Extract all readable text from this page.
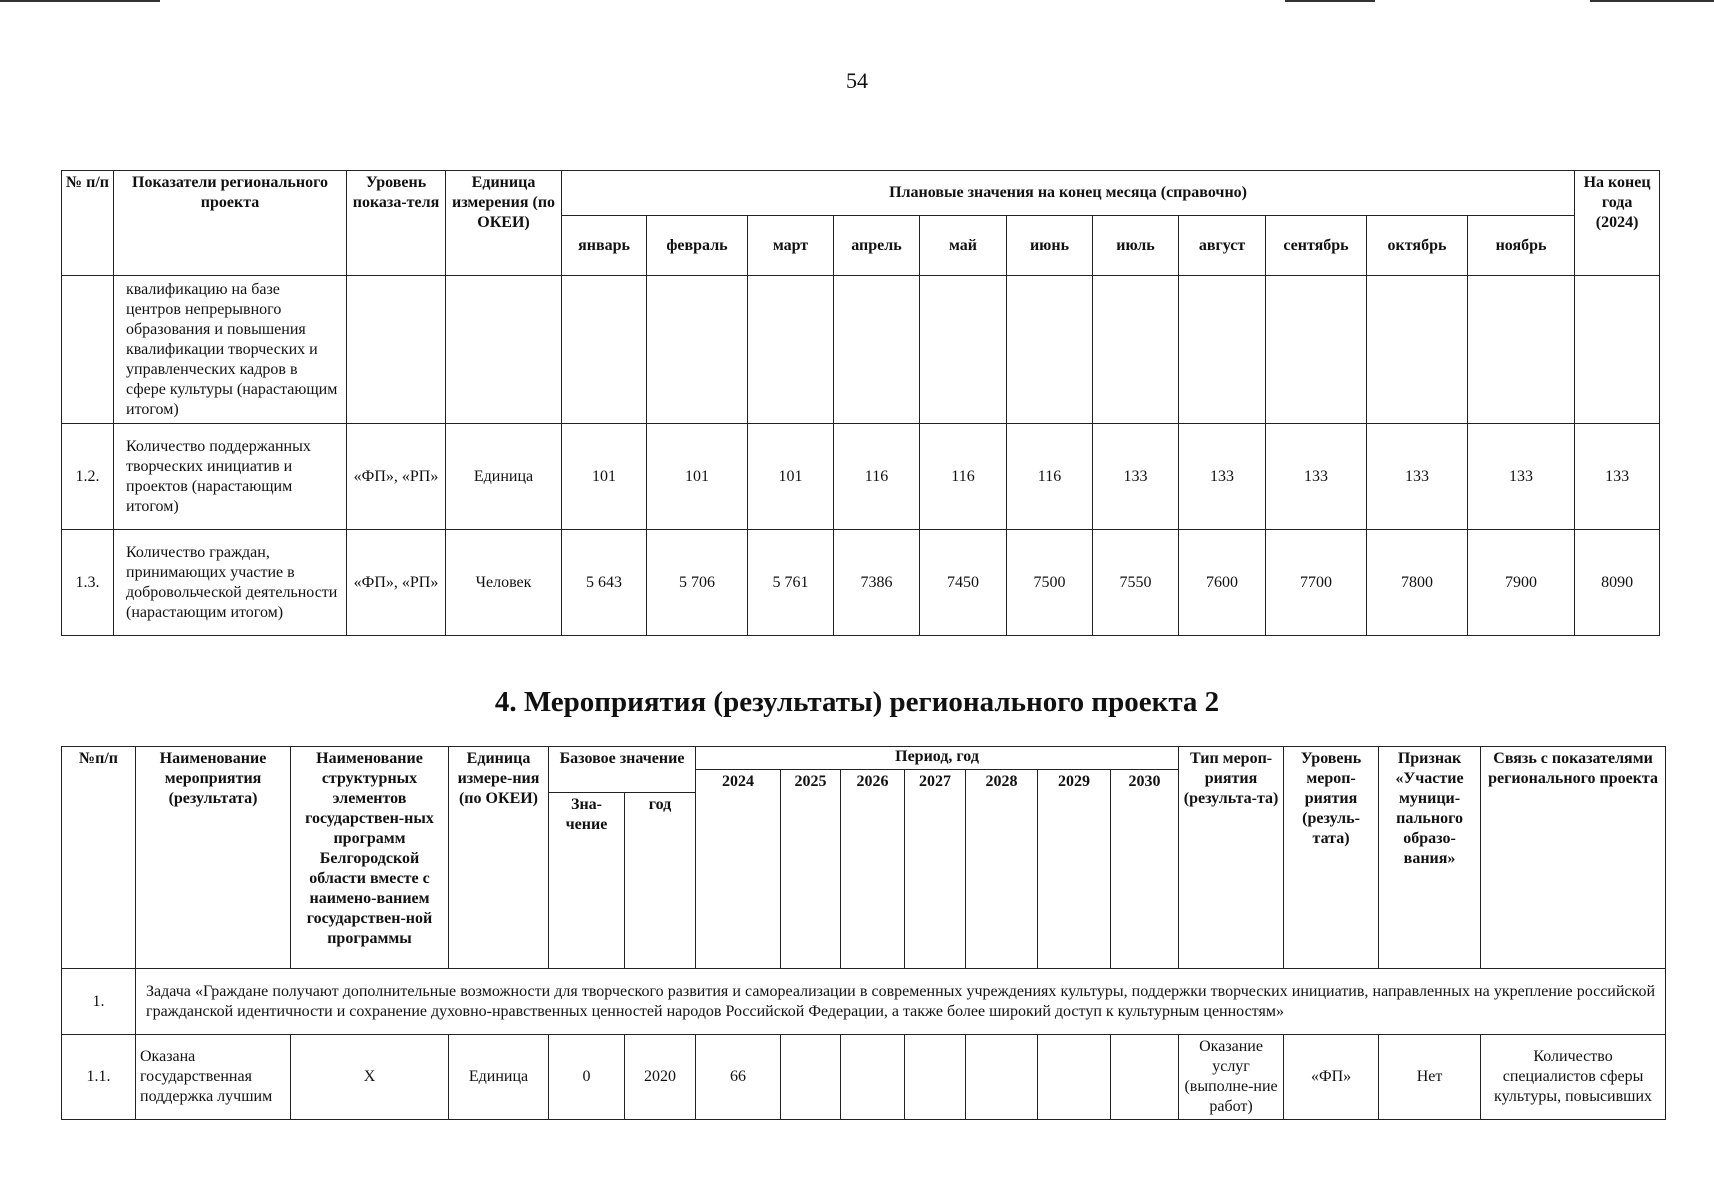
54
№ п/п	Показатели регионального проекта	Уровень показа-теля	Единица измерения (по ОКЕИ)	Плановые значения на конец месяца (справочно)											На конец года (2024)
				январь	февраль	март	апрель	май	июнь	июль	август	сентябрь	октябрь	ноябрь	
	квалификацию на базе центров непрерывного образования и повышения квалификации творческих и управленческих кадров в сфере культуры (нарастающим итогом)														
1.2.	Количество поддержанных творческих инициатив и проектов (нарастающим итогом)	«ФП», «РП»	Единица	101	101	101	116	116	116	133	133	133	133	133	133
1.3.	Количество граждан, принимающих участие в добровольческой деятельности (нарастающим итогом)	«ФП», «РП»	Человек	5 643	5 706	5 761	7386	7450	7500	7550	7600	7700	7800	7900	8090
4. Мероприятия (результаты) регионального проекта 2
№п/п	Наименование мероприятия (результата)	Наименование структурных элементов государствен-ных программ Белгородской области вместе с наимено-ванием государствен-ной программы	Единица измере-ния (по ОКЕИ)	Базовое значение		Период, год							Тип мероп-риятия (результа-та)	Уровень мероп-риятия (резуль-тата)	Признак «Участие муници-пального образо-вания»	Связь с показателями регионального проекта
						2024	2025	2026	2027	2028	2029	2030				
				Зна-чение	год											
1.	Задача «Граждане получают дополнительные возможности для творческого развития и самореализации в современных учреждениях культуры, поддержки творческих инициатив, направленных на укрепление российской гражданской идентичности и сохранение духовно-нравственных ценностей народов Российской Федерации, а также более широкий доступ к культурным ценностям»															
1.1.	Оказана государственная поддержка лучшим	X	Единица	0	2020	66							Оказание услуг (выполне-ние работ)	«ФП»	Нет	Количество специалистов сферы культуры, повысивших
